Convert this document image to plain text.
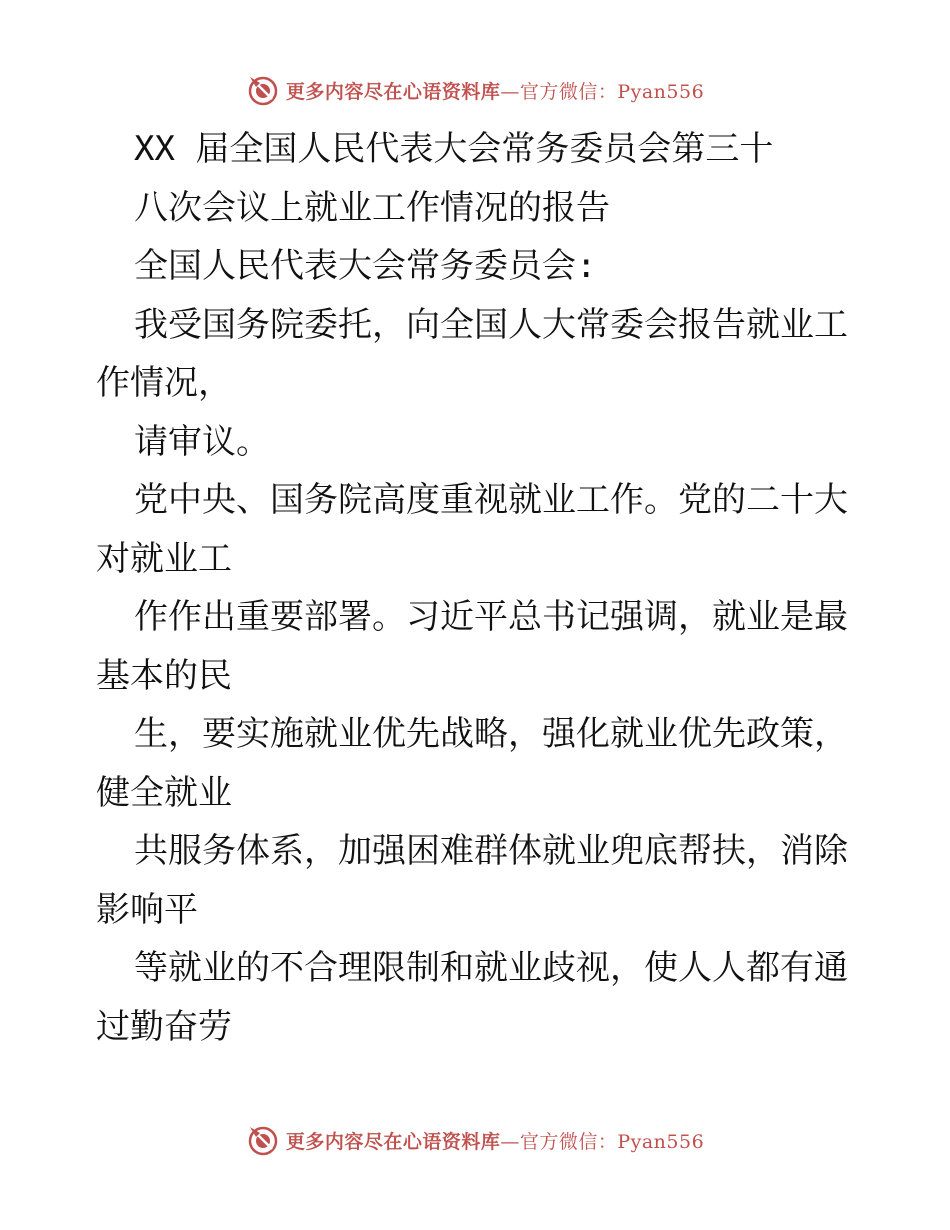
更多内容尽在心语资料库—官方微信：Pyan556
XX 届全国人民代表大会常务委员会第三十
八次会议上就业工作情况的报告
全国人民代表大会常务委员会:
我受国务院委托，向全国人大常委会报告就业工
作情况，
请审议。
党中央、国务院高度重视就业工作。党的二十大
对就业工
作作出重要部署。习近平总书记强调，就业是最
基本的民
生，要实施就业优先战略，强化就业优先政策，
健全就业
共服务体系，加强困难群体就业兜底帮扶，消除
影响平
等就业的不合理限制和就业歧视，使人人都有通
过勤奋劳
更多内容尽在心语资料库—官方微信：Pyan556
